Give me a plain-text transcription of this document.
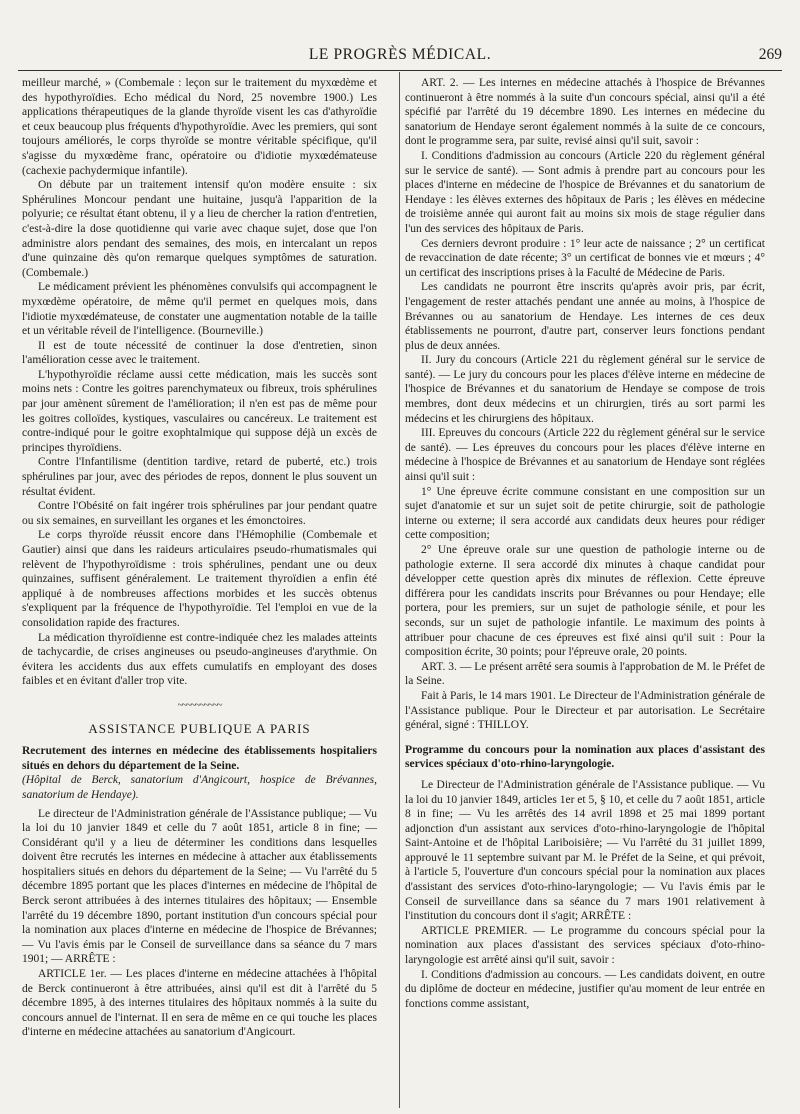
LE PROGRÈS MÉDICAL.	269

meilleur marché, » (Combemale : leçon sur le traitement du myxœdème et des hypothyroïdies. Echo médical du Nord, 25 novembre 1900.) Les applications thérapeutiques de la glande thyroïde visent les cas d'athyroïdie et ceux beaucoup plus fréquents d'hypothyroïdie. Avec les premiers, qui sont toujours améliorés, le corps thyroïde se montre véritable spécifique, qu'il s'agisse du myxœdème franc, opératoire ou d'idiotie myxœdémateuse (cachexie pachydermique infantile).

On débute par un traitement intensif qu'on modère ensuite : six Sphérulines Moncour pendant une huitaine, jusqu'à l'apparition de la polyurie; ce résultat étant obtenu, il y a lieu de chercher la ration d'entretien, c'est-à-dire la dose quotidienne qui varie avec chaque sujet, dose que l'on administre alors pendant des semaines, des mois, en intercalant un repos d'une quinzaine dès qu'on remarque quelques symptômes de saturation. (Combemale.)

Le médicament prévient les phénomènes convulsifs qui accompagnent le myxœdème opératoire, de même qu'il permet en quelques mois, dans l'idiotie myxœdémateuse, de constater une augmentation notable de la taille et un véritable réveil de l'intelligence. (Bourneville.)

Il est de toute nécessité de continuer la dose d'entretien, sinon l'amélioration cesse avec le traitement.

L'hypothyroïdie réclame aussi cette médication, mais les succès sont moins nets : Contre les goitres parenchymateux ou fibreux, trois sphérulines par jour amènent sûrement de l'amélioration; il n'en est pas de même pour les goitres colloïdes, kystiques, vasculaires ou cancéreux. Le traitement est contre-indiqué pour le goitre exophtalmique qui suppose déjà un excès de principes thyroïdiens.

Contre l'Infantilisme (dentition tardive, retard de puberté, etc.) trois sphérulines par jour, avec des périodes de repos, donnent le plus souvent un résultat évident.

Contre l'Obésité on fait ingérer trois sphérulines par jour pendant quatre ou six semaines, en surveillant les organes et les émonctoires.

Le corps thyroïde réussit encore dans l'Hémophilie (Combemale et Gautier) ainsi que dans les raideurs articulaires pseudo-rhumatismales qui relèvent de l'hypothyroïdisme : trois sphérulines, pendant une ou deux quinzaines, suffisent généralement. Le traitement thyroïdien a enfin été appliqué à de nombreuses affections morbides et les succès obtenus s'expliquent par la fréquence de l'hypothyroïdie. Tel l'emploi en vue de la consolidation rapide des fractures.

La médication thyroïdienne est contre-indiquée chez les malades atteints de tachycardie, de crises angineuses ou pseudo-angineuses d'arythmie. On évitera les accidents dus aux effets cumulatifs en employant des doses faibles et en évitant d'aller trop vite.

~~~~~~~~~~
ASSISTANCE PUBLIQUE A PARIS

Recrutement des internes en médecine des établissements hospitaliers situés en dehors du département de la Seine.

(Hôpital de Berck, sanatorium d'Angicourt, hospice de Brévannes, sanatorium de Hendaye).

Le directeur de l'Administration générale de l'Assistance publique; — Vu la loi du 10 janvier 1849 et celle du 7 août 1851, article 8 in fine; — Considérant qu'il y a lieu de déterminer les conditions dans lesquelles doivent être recrutés les internes en médecine à attacher aux établissements hospitaliers situés en dehors du département de la Seine; — Vu l'arrêté du 5 décembre 1895 portant que les places d'internes en médecine de l'hôpital de Berck seront attribuées à des internes titulaires des hôpitaux; — Ensemble l'arrêté du 19 décembre 1890, portant institution d'un concours spécial pour la nomination aux places d'interne en médecine de l'hospice de Brévannes; — Vu l'avis émis par le Conseil de surveillance dans sa séance du 7 mars 1901; — ARRÊTE :

ARTICLE 1er. — Les places d'interne en médecine attachées à l'hôpital de Berck continueront à être attribuées, ainsi qu'il est dit à l'arrêté du 5 décembre 1895, à des internes titulaires des hôpitaux nommés à la suite du concours annuel de l'internat. Il en sera de même en ce qui touche les places d'interne en médecine attachées au sanatorium d'Angicourt.

ART. 2. — Les internes en médecine attachés à l'hospice de Brévannes continueront à être nommés à la suite d'un concours spécial, ainsi qu'il a été spécifié par l'arrêté du 19 décembre 1890. Les internes en médecine du sanatorium de Hendaye seront également nommés à la suite de ce concours, dont le programme sera, par suite, revisé ainsi qu'il suit, savoir :

I. Conditions d'admission au concours (Article 220 du règlement général sur le service de santé). — Sont admis à prendre part au concours pour les places d'interne en médecine de l'hospice de Brévannes et du sanatorium de Hendaye : les élèves externes des hôpitaux de Paris ; les élèves en médecine de troisième année qui auront fait au moins six mois de stage régulier dans l'un des services des hôpitaux de Paris.

Ces derniers devront produire : 1° leur acte de naissance ; 2° un certificat de revaccination de date récente; 3° un certificat de bonnes vie et mœurs ; 4° un certificat des inscriptions prises à la Faculté de Médecine de Paris.

Les candidats ne pourront être inscrits qu'après avoir pris, par écrit, l'engagement de rester attachés pendant une année au moins, à l'hospice de Brévannes ou au sanatorium de Hendaye. Les internes de ces deux établissements ne pourront, d'autre part, conserver leurs fonctions pendant plus de deux années.

II. Jury du concours (Article 221 du règlement général sur le service de santé). — Le jury du concours pour les places d'élève interne en médecine de l'hospice de Brévannes et du sanatorium de Hendaye se compose de trois membres, dont deux médecins et un chirurgien, tirés au sort parmi les médecins et les chirurgiens des hôpitaux.

III. Epreuves du concours (Article 222 du règlement général sur le service de santé). — Les épreuves du concours pour les places d'élève interne en médecine à l'hospice de Brévannes et au sanatorium de Hendaye sont réglées ainsi qu'il suit :

1° Une épreuve écrite commune consistant en une composition sur un sujet d'anatomie et sur un sujet soit de petite chirurgie, soit de pathologie interne ou externe; il sera accordé aux candidats deux heures pour rédiger cette composition;

2° Une épreuve orale sur une question de pathologie interne ou de pathologie externe. Il sera accordé dix minutes à chaque candidat pour développer cette question après dix minutes de réflexion. Cette épreuve différera pour les candidats inscrits pour Brévannes ou pour Hendaye; elle portera, pour les premiers, sur un sujet de pathologie sénile, et pour les seconds, sur un sujet de pathologie infantile. Le maximum des points à attribuer pour chacune de ces épreuves est fixé ainsi qu'il suit : Pour la composition écrite, 30 points; pour l'épreuve orale, 20 points.

ART. 3. — Le présent arrêté sera soumis à l'approbation de M. le Préfet de la Seine.

Fait à Paris, le 14 mars 1901. Le Directeur de l'Administration générale de l'Assistance publique. Pour le Directeur et par autorisation. Le Secrétaire général, signé : THILLOY.

Programme du concours pour la nomination aux places d'assistant des services spéciaux d'oto-rhino-laryngologie.

Le Directeur de l'Administration générale de l'Assistance publique. — Vu la loi du 10 janvier 1849, articles 1er et 5, § 10, et celle du 7 août 1851, article 8 in fine; — Vu les arrêtés des 14 avril 1898 et 25 mai 1899 portant adjonction d'un assistant aux services d'oto-rhino-laryngologie de l'hôpital Saint-Antoine et de l'hôpital Lariboisière; — Vu l'arrêté du 31 juillet 1899, approuvé le 11 septembre suivant par M. le Préfet de la Seine, et qui prévoit, à l'article 5, l'ouverture d'un concours spécial pour la nomination aux places d'assistant des services d'oto-rhino-laryngologie; — Vu l'avis émis par le Conseil de surveillance dans sa séance du 7 mars 1901 relativement à l'institution du concours dont il s'agit; ARRÊTE :

ARTICLE PREMIER. — Le programme du concours spécial pour la nomination aux places d'assistant des services spéciaux d'oto-rhino-laryngologie est arrêté ainsi qu'il suit, savoir :

I. Conditions d'admission au concours. — Les candidats doivent, en outre du diplôme de docteur en médecine, justifier qu'au moment de leur entrée en fonctions comme assistant,
